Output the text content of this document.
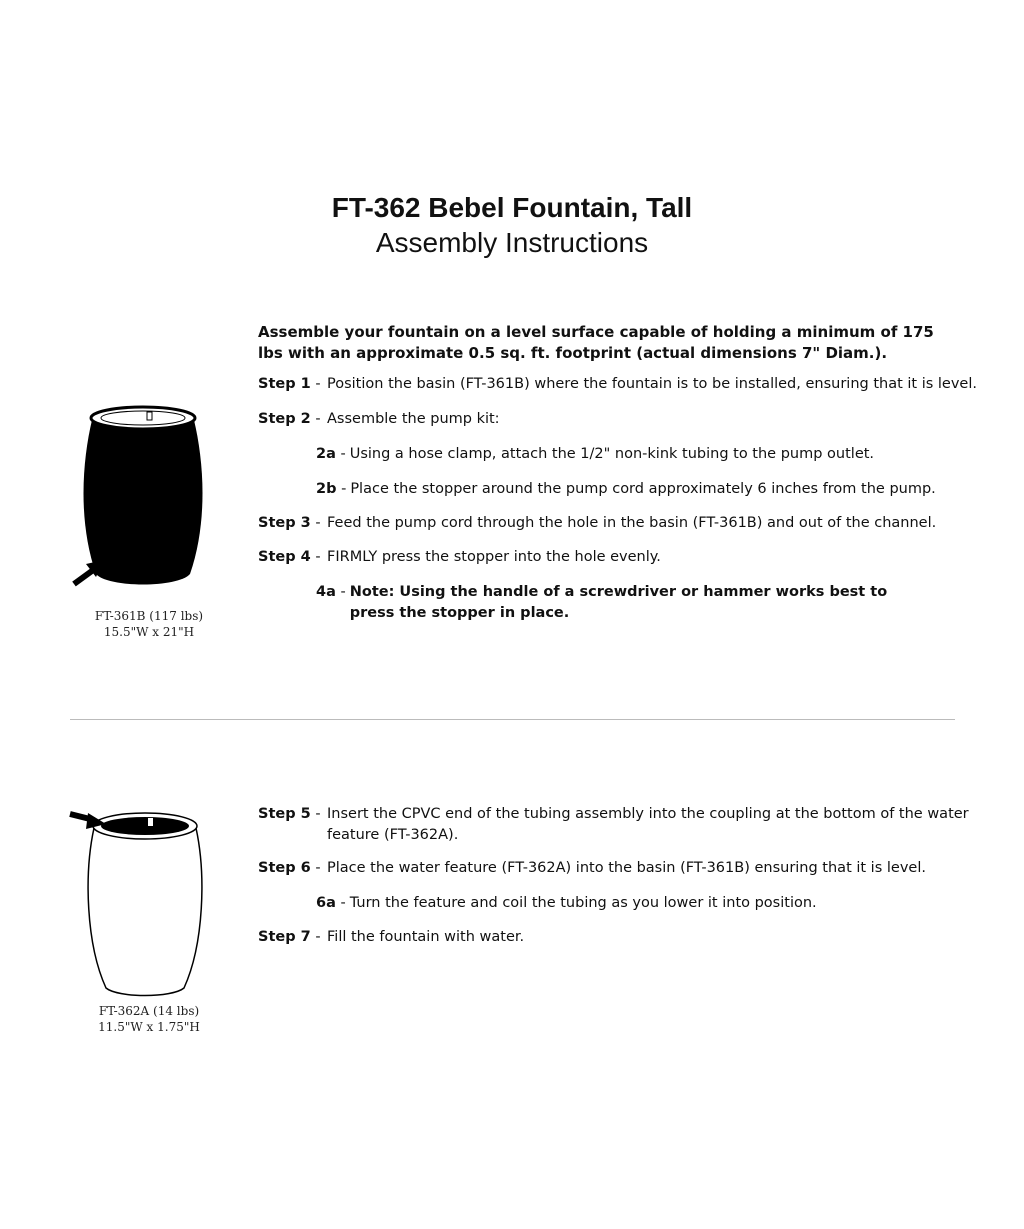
FT-362 Bebel Fountain, Tall
Assembly Instructions
Assemble your fountain on a level surface capable of holding a minimum of 175 lbs with an approximate 0.5 sq. ft. footprint (actual dimensions 7" Diam.).
Step 1 - Position the basin (FT-361B) where the fountain is to be installed, ensuring that it is level.
Step 2 - Assemble the pump kit:
2a - Using a hose clamp, attach the 1/2" non-kink tubing to the pump outlet.
2b - Place the stopper around the pump cord approximately 6 inches from the pump.
Step 3 - Feed the pump cord through the hole in the basin (FT-361B) and out of the channel.
Step 4 - FIRMLY press the stopper into the hole evenly.
4a - Note: Using the handle of a screwdriver or hammer works best to press the stopper in place.
FT-361B (117 lbs)
15.5"W x 21"H
Step 5 - Insert the CPVC end of the tubing assembly into the coupling at the bottom of the water feature (FT-362A).
Step 6 - Place the water feature (FT-362A) into the basin (FT-361B) ensuring that it is level.
6a - Turn the feature and coil the tubing as you lower it into position.
Step 7 - Fill the fountain with water.
FT-362A (14 lbs)
11.5"W x 1.75"H
